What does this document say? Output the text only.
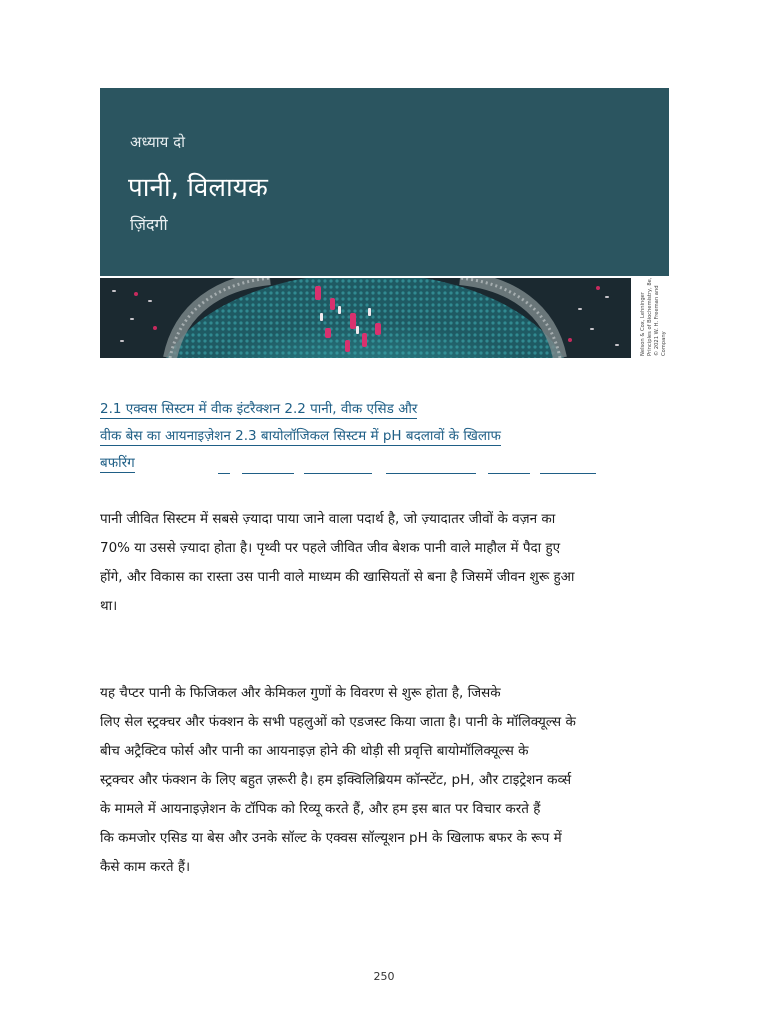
अध्याय दो
पानी, विलायक
ज़िंदगी
Nelson & Cox, Lehninger Principles of Biochemistry, 8e, © 2021 W. H. Freeman and Company
2.1 एक्वस सिस्टम में वीक इंटरैक्शन 2.2 पानी, वीक एसिड और
वीक बेस का आयनाइज़ेशन 2.3 बायोलॉजिकल सिस्टम में pH बदलावों के खिलाफ
बफरिंग
पानी जीवित सिस्टम में सबसे ज़्यादा पाया जाने वाला पदार्थ है, जो ज़्यादातर जीवों के वज़न का
70% या उससे ज़्यादा होता है। पृथ्वी पर पहले जीवित जीव बेशक पानी वाले माहौल में पैदा हुए
होंगे, और विकास का रास्ता उस पानी वाले माध्यम की खासियतों से बना है जिसमें जीवन शुरू हुआ
था।
यह चैप्टर पानी के फिजिकल और केमिकल गुणों के विवरण से शुरू होता है, जिसके
लिए सेल स्ट्रक्चर और फंक्शन के सभी पहलुओं को एडजस्ट किया जाता है। पानी के मॉलिक्यूल्स के
बीच अट्रैक्टिव फोर्स और पानी का आयनाइज़ होने की थोड़ी सी प्रवृत्ति बायोमॉलिक्यूल्स के
स्ट्रक्चर और फंक्शन के लिए बहुत ज़रूरी है। हम इक्विलिब्रियम कॉन्स्टेंट, pH, और टाइट्रेशन कर्व्स
के मामले में आयनाइज़ेशन के टॉपिक को रिव्यू करते हैं, और हम इस बात पर विचार करते हैं
कि कमजोर एसिड या बेस और उनके सॉल्ट के एक्वस सॉल्यूशन pH के खिलाफ बफर के रूप में
कैसे काम करते हैं।
250
